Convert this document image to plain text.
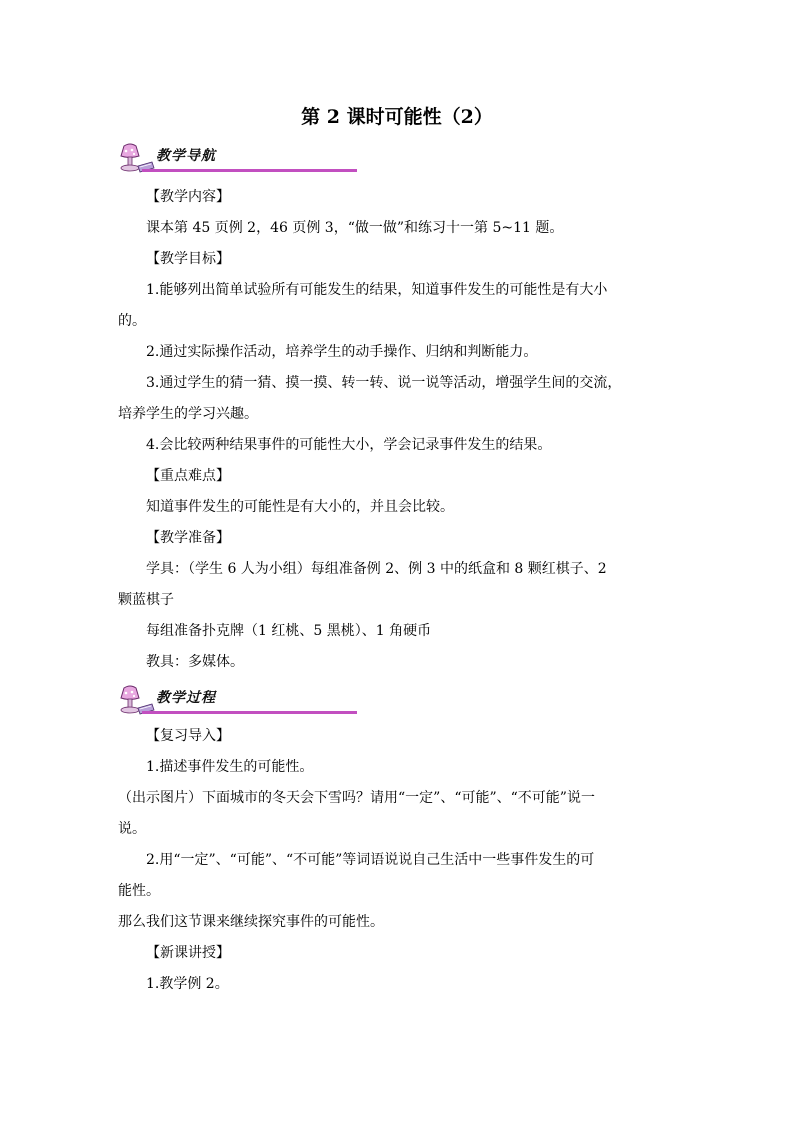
第 2 课时可能性（2）
教学导航
【教学内容】
课本第 45 页例 2，46 页例 3，“做一做”和练习十一第 5~11 题。
【教学目标】
1.能够列出简单试验所有可能发生的结果，知道事件发生的可能性是有大小
的。
2.通过实际操作活动，培养学生的动手操作、归纳和判断能力。
3.通过学生的猜一猜、摸一摸、转一转、说一说等活动，增强学生间的交流，
培养学生的学习兴趣。
4.会比较两种结果事件的可能性大小，学会记录事件发生的结果。
【重点难点】
知道事件发生的可能性是有大小的，并且会比较。
【教学准备】
学具：（学生 6 人为小组）每组准备例 2、例 3 中的纸盒和 8 颗红棋子、2
颗蓝棋子
每组准备扑克牌（1 红桃、5 黑桃）、1 角硬币
教具：多媒体。
教学过程
【复习导入】
1.描述事件发生的可能性。
（出示图片）下面城市的冬天会下雪吗？请用“一定”、“可能”、“不可能”说一
说。
2.用“一定”、“可能”、“不可能”等词语说说自己生活中一些事件发生的可
能性。
那么我们这节课来继续探究事件的可能性。
【新课讲授】
1.教学例 2。
